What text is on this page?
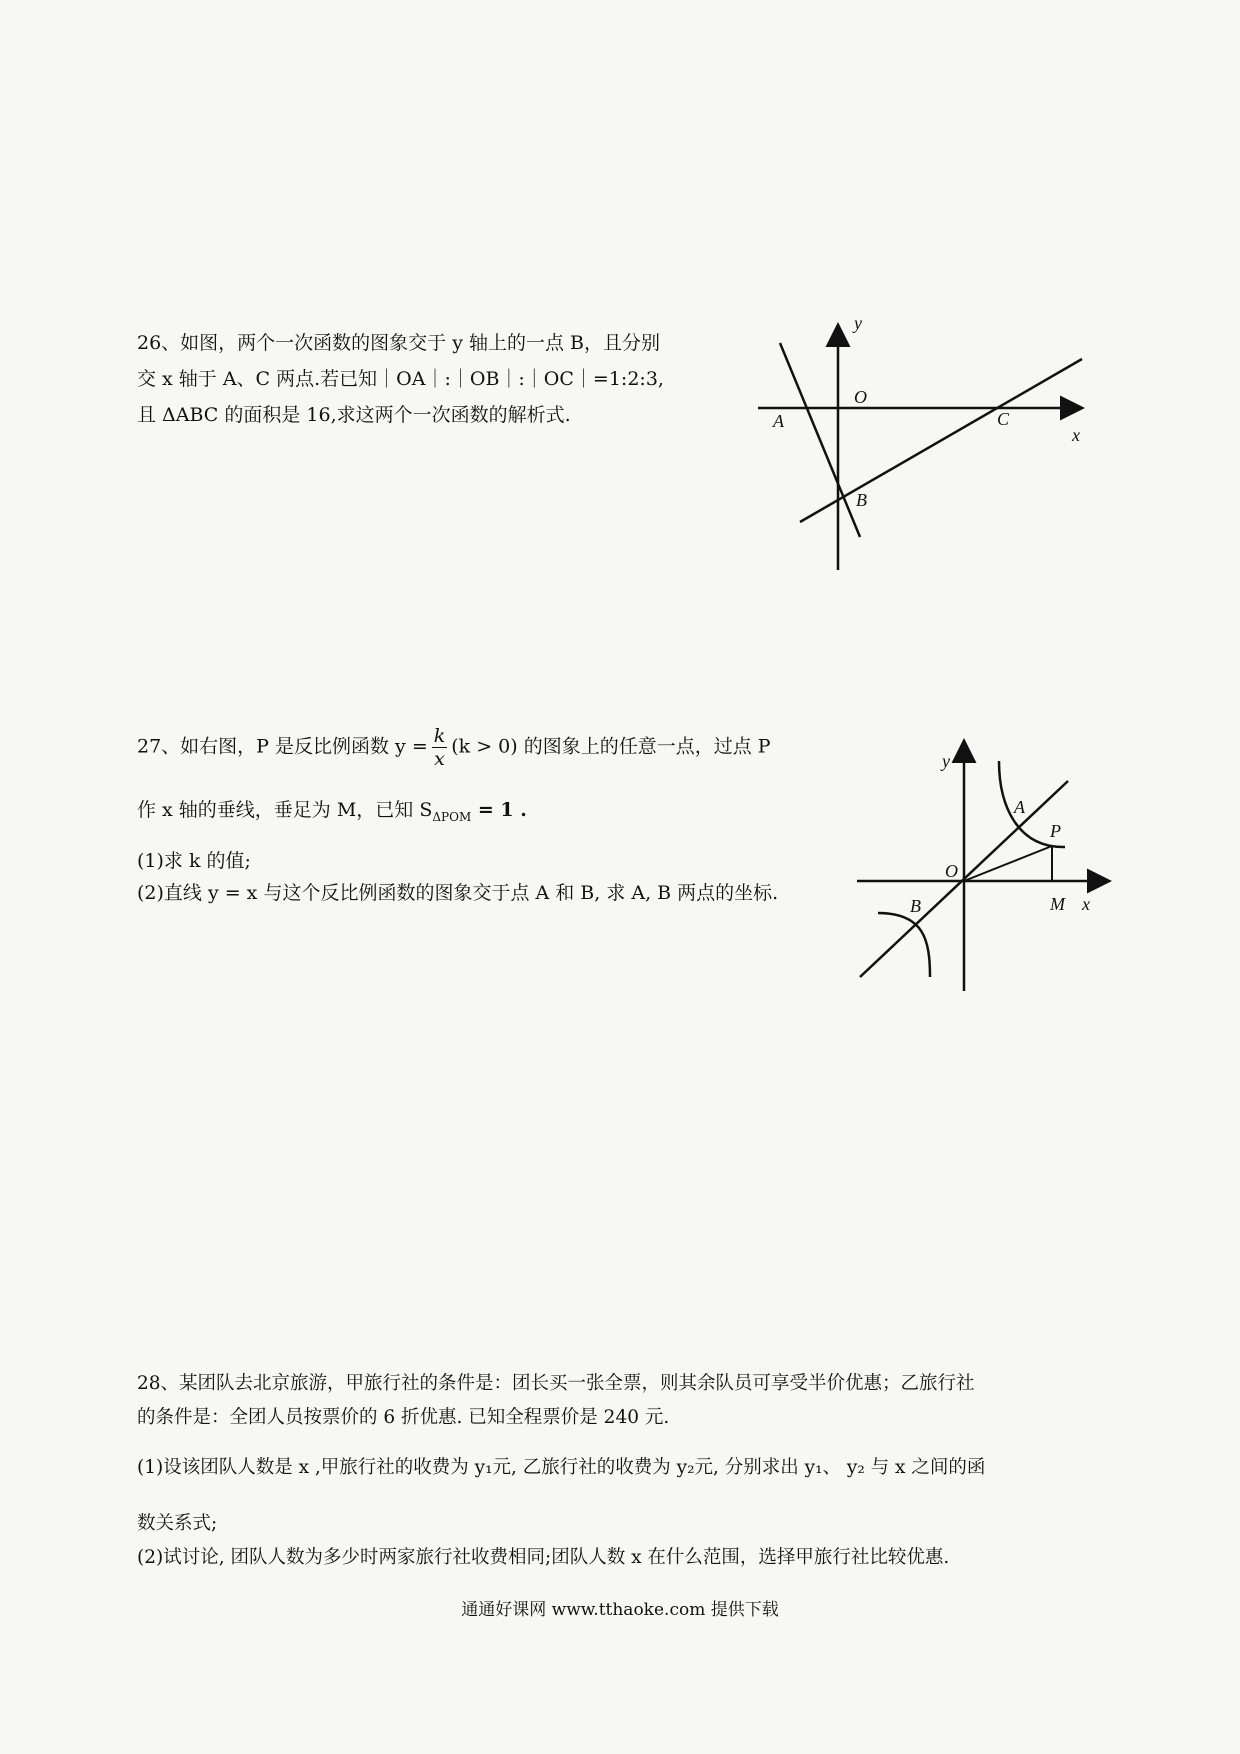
26、如图，两个一次函数的图象交于 y 轴上的一点 B，且分别

交 x 轴于 A、C 两点.若已知｜OA｜:｜OB｜:｜OC｜=1:2:3,

且 ΔABC 的面积是 16,求这两个一次函数的解析式.

y
O
A	C
x
B

27、如右图，P 是反比例函数 $y = \frac{k}{x} (k > 0)$ 的图象上的任意一点，过点 P

作 x 轴的垂线，垂足为 M，已知 $S_{\Delta POM} = 1$ .

(1)求 k 的值;

(2)直线 y = x 与这个反比例函数的图象交于点 A 和 B, 求 A, B 两点的坐标.

y
A
P
O
M x
B

28、某团队去北京旅游，甲旅行社的条件是：团长买一张全票，则其余队员可享受半价优惠；乙旅行社

的条件是：全团人员按票价的 6 折优惠. 已知全程票价是 240 元.

(1)设该团队人数是 x ,甲旅行社的收费为 y₁元, 乙旅行社的收费为 y₂元, 分别求出 y₁、 y₂ 与 x 之间的函

数关系式;

(2)试讨论, 团队人数为多少时两家旅行社收费相同;团队人数 x 在什么范围，选择甲旅行社比较优惠.

通通好课网 www.tthaoke.com 提供下载
